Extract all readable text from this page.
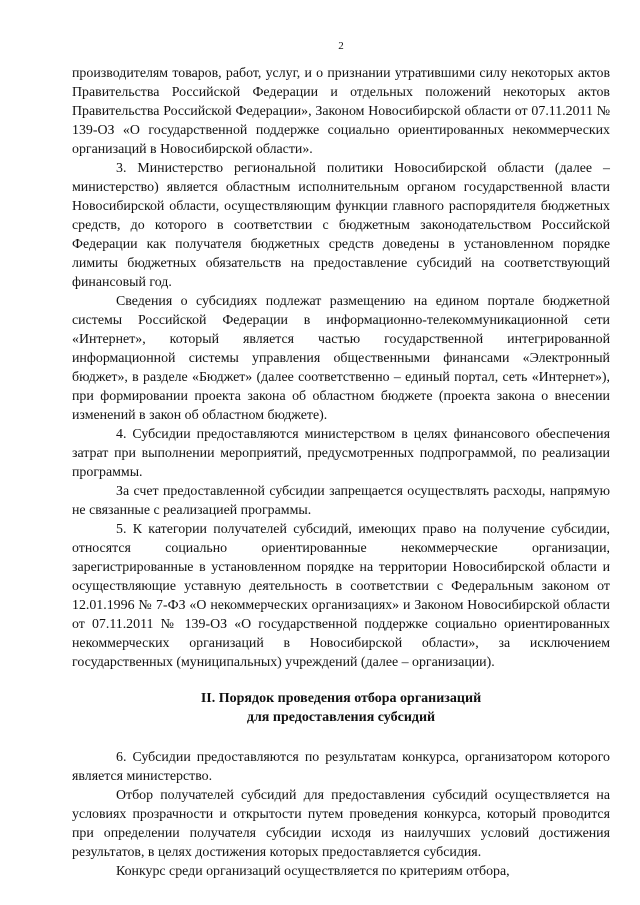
2

производителям товаров, работ, услуг, и о признании утратившими силу некоторых актов Правительства Российской Федерации и отдельных положений некоторых актов Правительства Российской Федерации», Законом Новосибирской области от 07.11.2011 № 139-ОЗ «О государственной поддержке социально ориентированных некоммерческих организаций в Новосибирской области».

3. Министерство региональной политики Новосибирской области (далее – министерство) является областным исполнительным органом государственной власти Новосибирской области, осуществляющим функции главного распорядителя бюджетных средств, до которого в соответствии с бюджетным законодательством Российской Федерации как получателя бюджетных средств доведены в установленном порядке лимиты бюджетных обязательств на предоставление субсидий на соответствующий финансовый год.

Сведения о субсидиях подлежат размещению на едином портале бюджетной системы Российской Федерации в информационно-телекоммуникационной сети «Интернет», который является частью государственной интегрированной информационной системы управления общественными финансами «Электронный бюджет», в разделе «Бюджет» (далее соответственно – единый портал, сеть «Интернет»), при формировании проекта закона об областном бюджете (проекта закона о внесении изменений в закон об областном бюджете).

4. Субсидии предоставляются министерством в целях финансового обеспечения затрат при выполнении мероприятий, предусмотренных подпрограммой, по реализации программы.

За счет предоставленной субсидии запрещается осуществлять расходы, напрямую не связанные с реализацией программы.

5. К категории получателей субсидий, имеющих право на получение субсидии, относятся социально ориентированные некоммерческие организации, зарегистрированные в установленном порядке на территории Новосибирской области и осуществляющие уставную деятельность в соответствии с Федеральным законом от 12.01.1996 № 7-ФЗ «О некоммерческих организациях» и Законом Новосибирской области от 07.11.2011 № 139-ОЗ «О государственной поддержке социально ориентированных некоммерческих организаций в Новосибирской области», за исключением государственных (муниципальных) учреждений (далее – организации).

II. Порядок проведения отбора организаций
для предоставления субсидий

6. Субсидии предоставляются по результатам конкурса, организатором которого является министерство.

Отбор получателей субсидий для предоставления субсидий осуществляется на условиях прозрачности и открытости путем проведения конкурса, который проводится при определении получателя субсидии исходя из наилучших условий достижения результатов, в целях достижения которых предоставляется субсидия.

Конкурс среди организаций осуществляется по критериям отбора,
